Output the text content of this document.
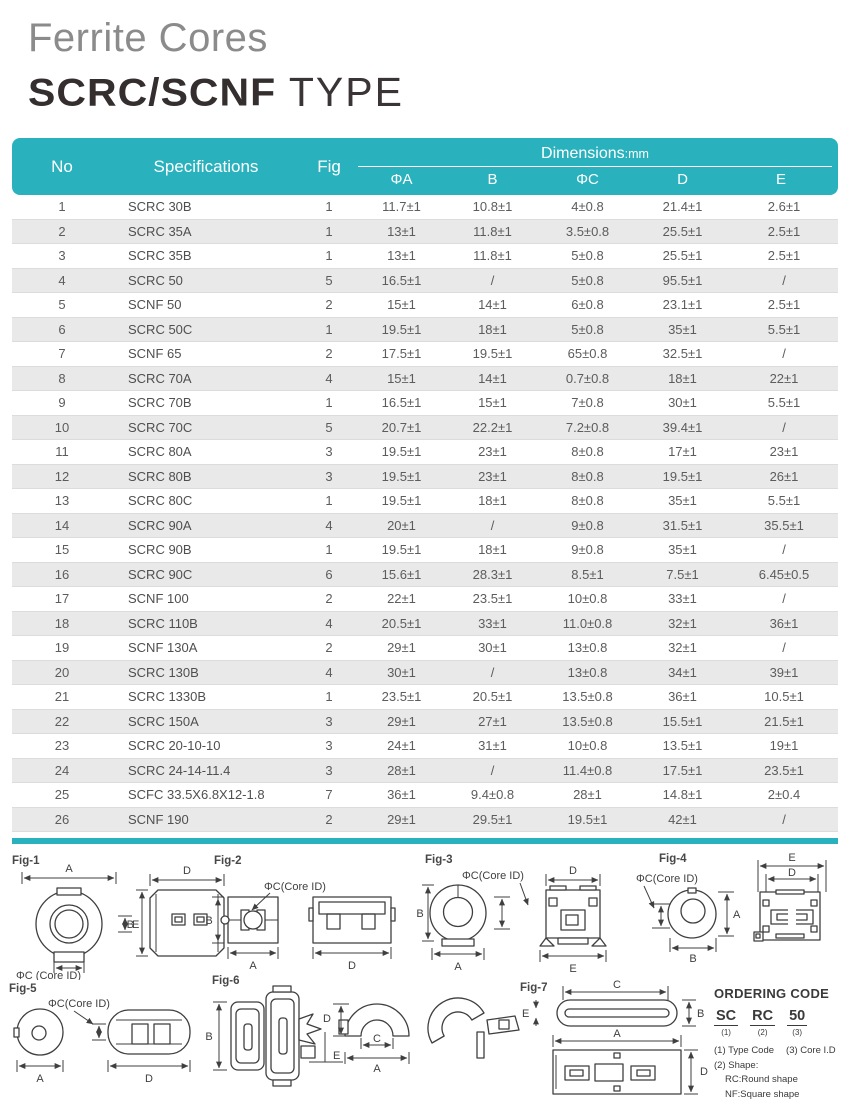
Ferrite Cores
SCRC/SCNF TYPE
No	Specifications	Fig
Dimensions:mm
ΦA	B	ΦC	D	E
1	SCRC 30B	1	11.7±1	10.8±1	4±0.8	21.4±1	2.6±1
2	SCRC 35A	1	13±1	11.8±1	3.5±0.8	25.5±1	2.5±1
3	SCRC 35B	1	13±1	11.8±1	5±0.8	25.5±1	2.5±1
4	SCRC 50	5	16.5±1	/	5±0.8	95.5±1	/
5	SCNF 50	2	15±1	14±1	6±0.8	23.1±1	2.5±1
6	SCRC 50C	1	19.5±1	18±1	5±0.8	35±1	5.5±1
7	SCNF 65	2	17.5±1	19.5±1	65±0.8	32.5±1	/
8	SCRC 70A	4	15±1	14±1	0.7±0.8	18±1	22±1
9	SCRC 70B	1	16.5±1	15±1	7±0.8	30±1	5.5±1
10	SCRC 70C	5	20.7±1	22.2±1	7.2±0.8	39.4±1	/
11	SCRC 80A	3	19.5±1	23±1	8±0.8	17±1	23±1
12	SCRC 80B	3	19.5±1	23±1	8±0.8	19.5±1	26±1
13	SCRC 80C	1	19.5±1	18±1	8±0.8	35±1	5.5±1
14	SCRC 90A	4	20±1	/	9±0.8	31.5±1	35.5±1
15	SCRC 90B	1	19.5±1	18±1	9±0.8	35±1	/
16	SCRC 90C	6	15.6±1	28.3±1	8.5±1	7.5±1	6.45±0.5
17	SCNF 100	2	22±1	23.5±1	10±0.8	33±1	/
18	SCRC 110B	4	20.5±1	33±1	11.0±0.8	32±1	36±1
19	SCNF 130A	2	29±1	30±1	13±0.8	32±1	/
20	SCRC 130B	4	30±1	/	13±0.8	34±1	39±1
21	SCRC 1330B	1	23.5±1	20.5±1	13.5±0.8	36±1	10.5±1
22	SCRC 150A	3	29±1	27±1	13.5±0.8	15.5±1	21.5±1
23	SCRC 20-10-10	3	24±1	31±1	10±0.8	13.5±1	19±1
24	SCRC 24-14-11.4	3	28±1	/	11.4±0.8	17.5±1	23.5±1
25	SCFC 33.5X6.8X12-1.8	7	36±1	9.4±0.8	28±1	14.8±1	2±0.4
26	SCNF 190	2	29±1	29.5±1	19.5±1	42±1	/
Fig-1
A
E
ΦC (Core ID)
D
B
Fig-2
ΦC(Core ID)
B
A	D
Fig-3
ΦC(Core ID)
B
A
D
E
Fig-4
ΦC(Core ID)
A
B
E
D
Fig-5
ΦC(Core ID)
A	D
Fig-6
B
E
D
C
A
Fig-7	C
E	B
A
D
ORDERING CODE
SC
(1)
RC
(2)
50
(3)
(1) Type Code (3) Core I.D
(2) Shape:
RC:Round shape
NF:Square shape
